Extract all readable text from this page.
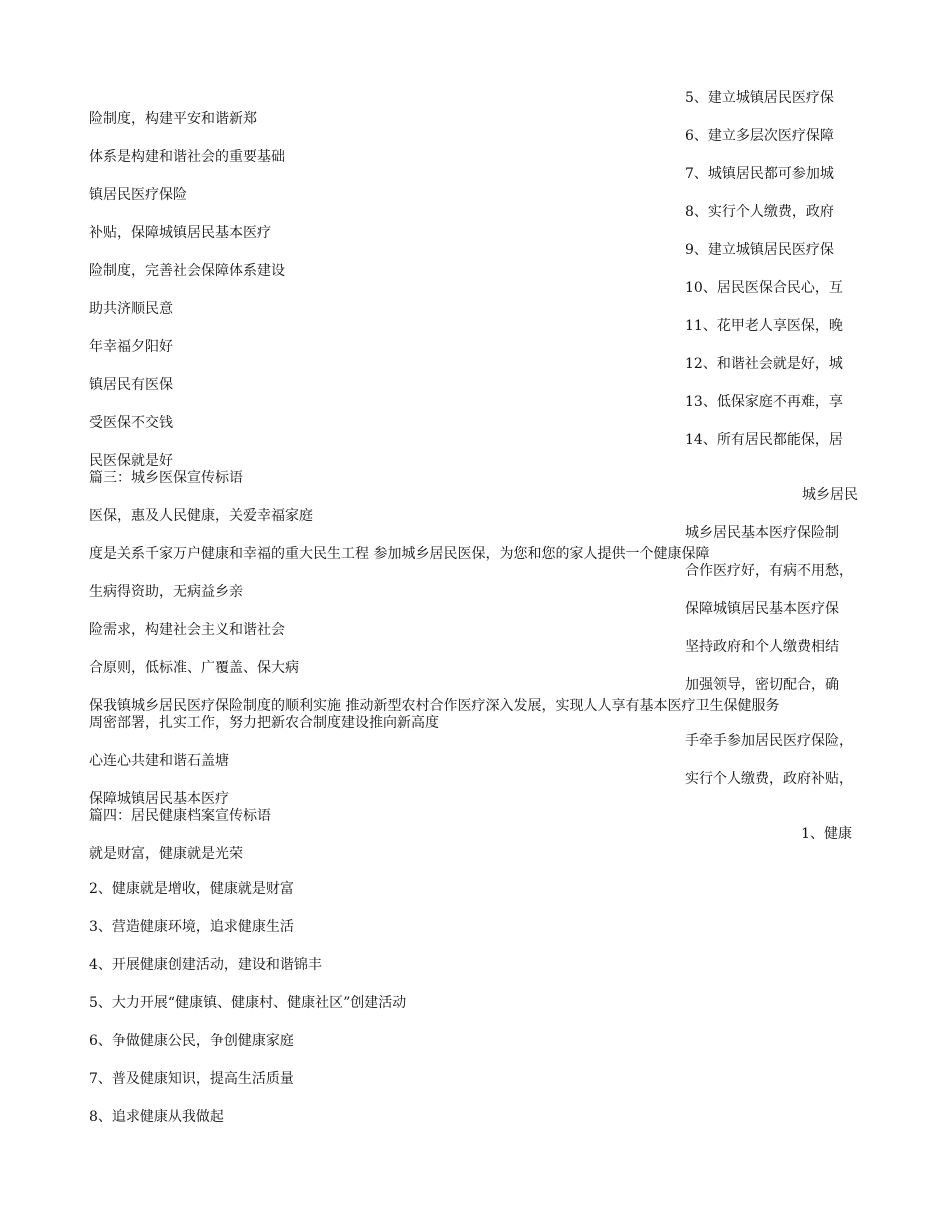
5、建立城镇居民医疗保
6、建立多层次医疗保障
7、城镇居民都可参加城
8、实行个人缴费，政府
9、建立城镇居民医疗保
10、居民医保合民心，互
11、花甲老人享医保，晚
12、和谐社会就是好，城
13、低保家庭不再难，享
14、所有居民都能保，居
险制度，构建平安和谐新郑
体系是构建和谐社会的重要基础
镇居民医疗保险
补贴，保障城镇居民基本医疗
险制度，完善社会保障体系建设
助共济顺民意
年幸福夕阳好
镇居民有医保
受医保不交钱
民医保就是好
篇三：城乡医保宣传标语
城乡居民
医保，惠及人民健康，关爱幸福家庭
度是关系千家万户健康和幸福的重大民生工程 参加城乡居民医保，为您和您的家人提供一个健康保障
生病得资助，无病益乡亲
险需求，构建社会主义和谐社会
合原则，低标准、广覆盖、保大病
保我镇城乡居民医疗保险制度的顺利实施 推动新型农村合作医疗深入发展，实现人人享有基本医疗卫生保健服务
周密部署，扎实工作，努力把新农合制度建设推向新高度
心连心共建和谐石盖塘
保障城镇居民基本医疗
城乡居民基本医疗保险制
合作医疗好，有病不用愁，
保障城镇居民基本医疗保
坚持政府和个人缴费相结
加强领导，密切配合，确
手牵手参加居民医疗保险，
实行个人缴费，政府补贴，
篇四：居民健康档案宣传标语
1、健康
就是财富，健康就是光荣
2、健康就是增收，健康就是财富
3、营造健康环境，追求健康生活
4、开展健康创建活动，建设和谐锦丰
5、大力开展“健康镇、健康村、健康社区”创建活动
6、争做健康公民，争创健康家庭
7、普及健康知识，提高生活质量
8、追求健康从我做起
